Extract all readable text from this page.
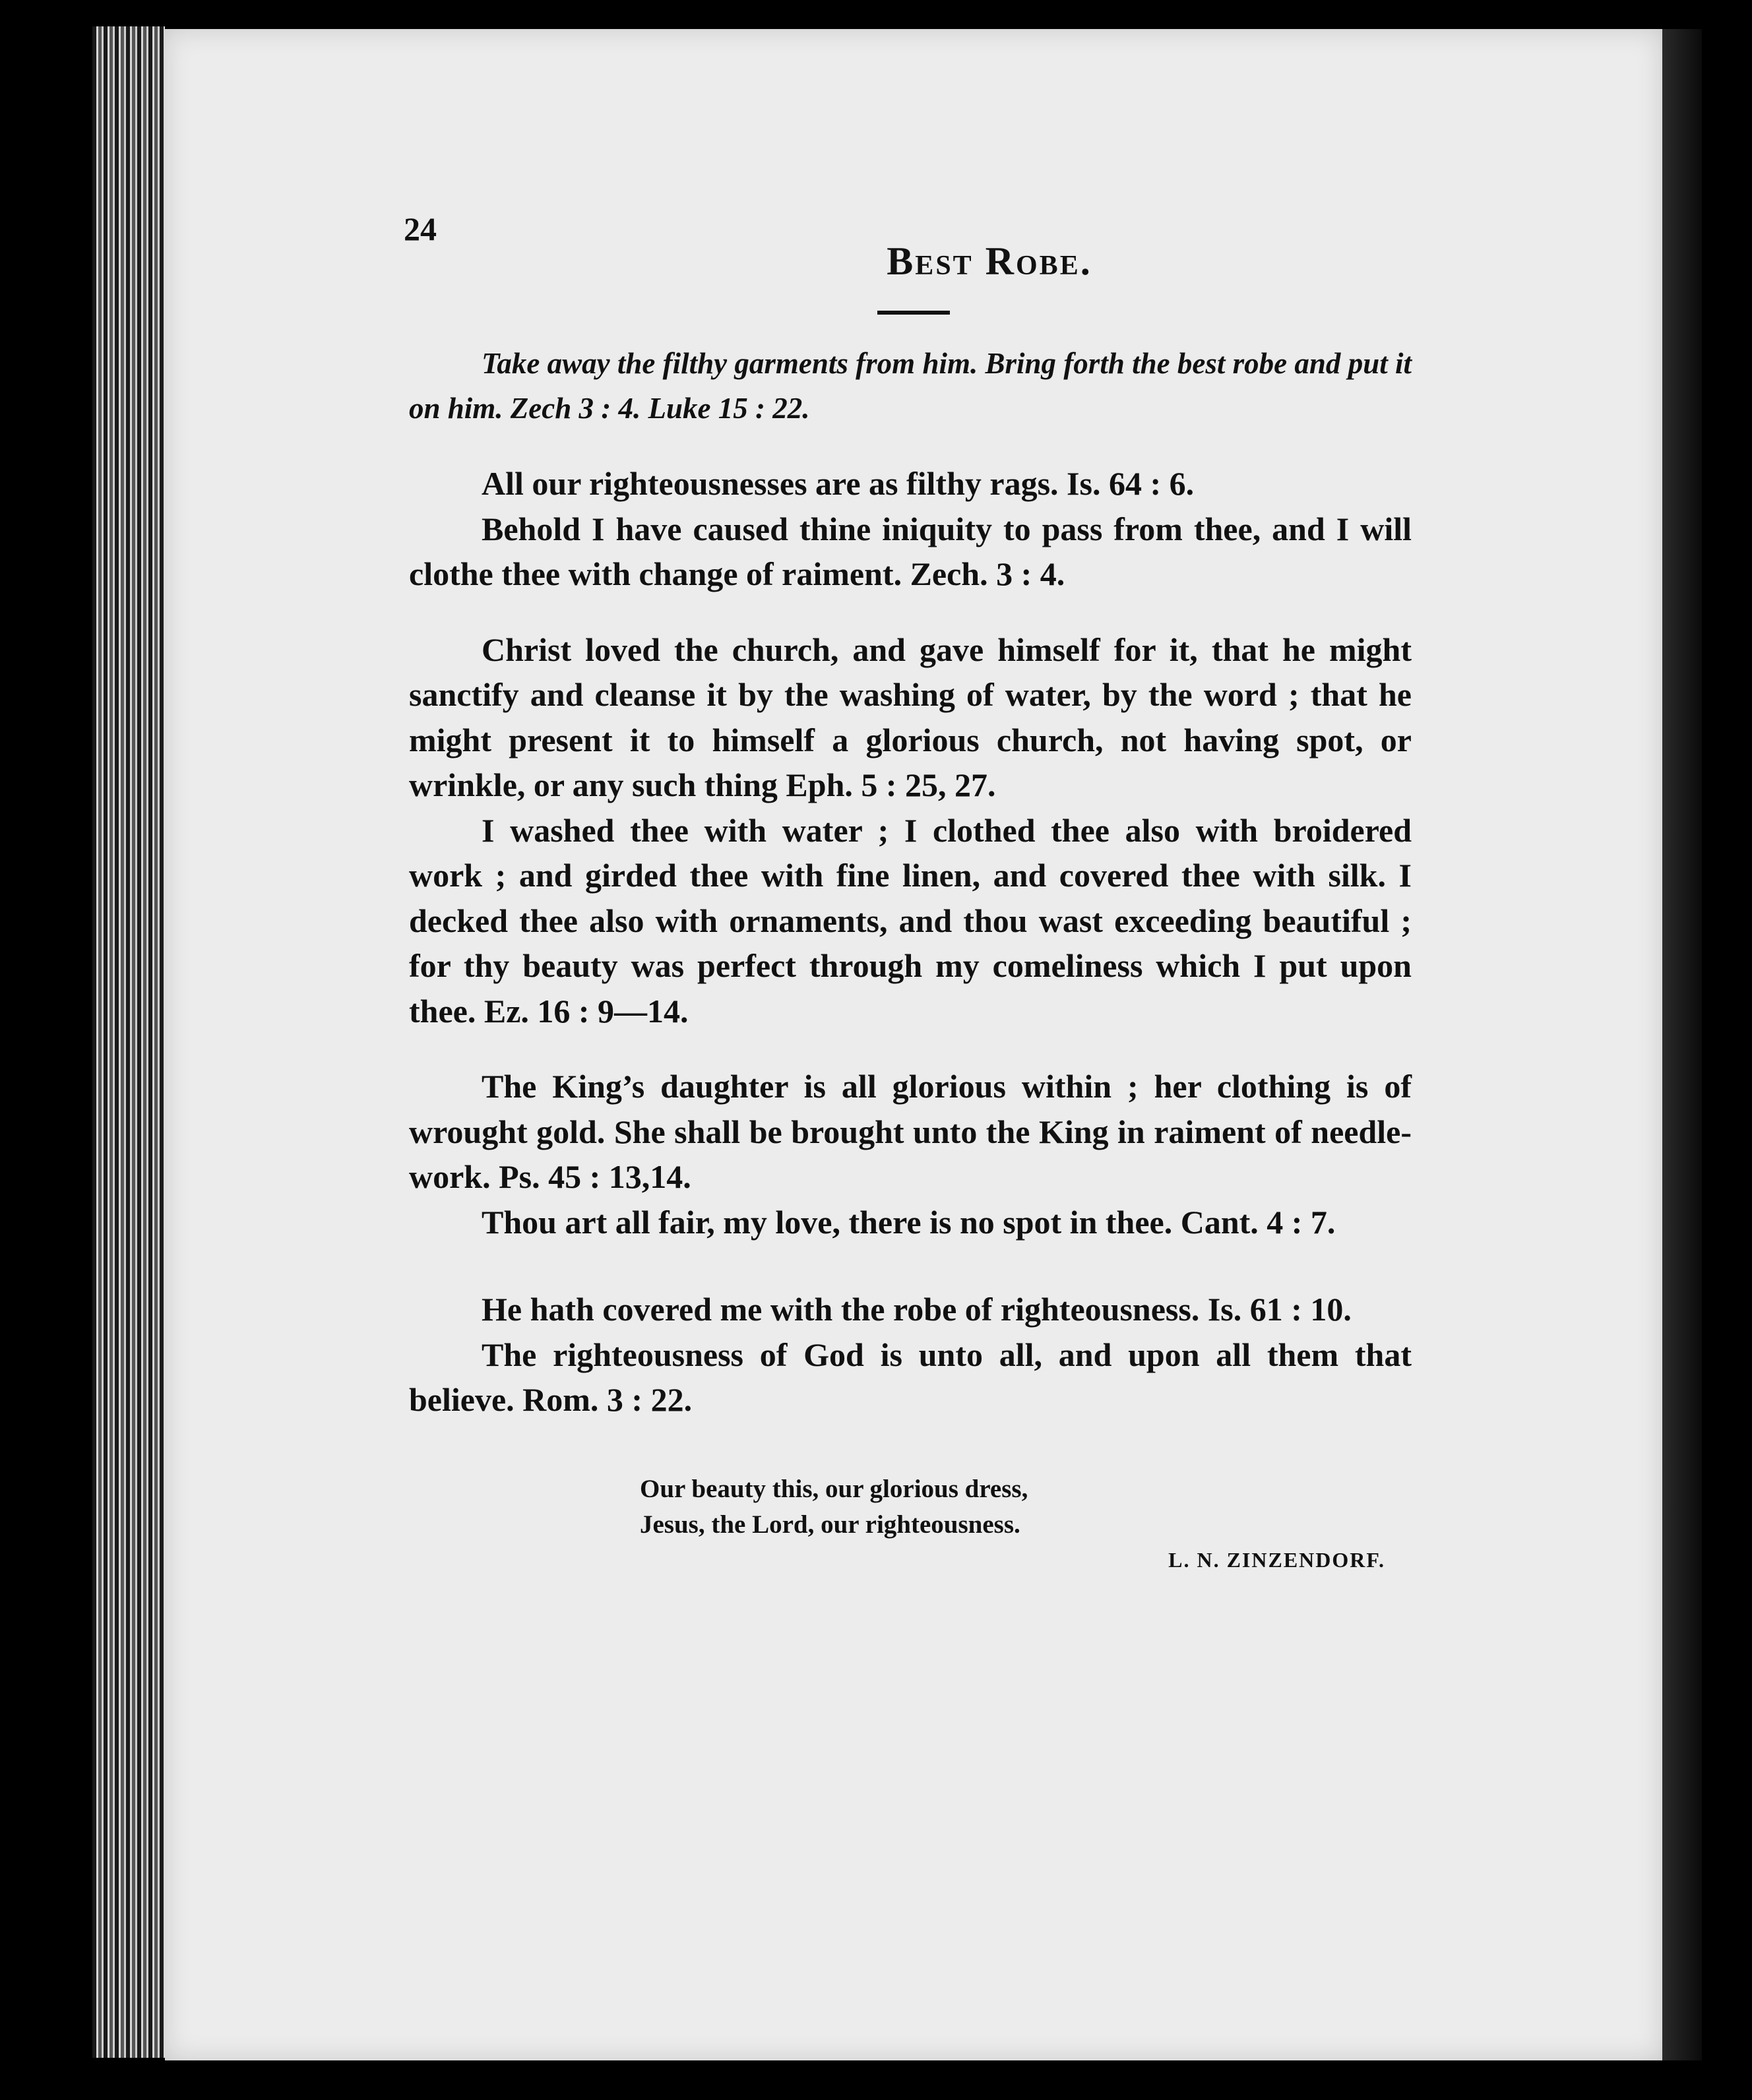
24
Best Robe.

Take away the filthy garments from him. Bring forth the best robe and put it on him. Zech 3 : 4. Luke 15 : 22.

All our righteousnesses are as filthy rags. Is. 64 : 6.

Behold I have caused thine iniquity to pass from thee, and I will clothe thee with change of raiment. Zech. 3 : 4.

Christ loved the church, and gave himself for it, that he might sanctify and cleanse it by the washing of water, by the word ; that he might present it to himself a glorious church, not having spot, or wrinkle, or any such thing Eph. 5 : 25, 27.

I washed thee with water ; I clothed thee also with broidered work ; and girded thee with fine linen, and covered thee with silk. I decked thee also with ornaments, and thou wast exceeding beautiful ; for thy beauty was perfect through my comeliness which I put upon thee. Ez. 16 : 9—14.

The King’s daughter is all glorious within ; her clothing is of wrought gold. She shall be brought unto the King in raiment of needle-work. Ps. 45 : 13,14.

Thou art all fair, my love, there is no spot in thee. Cant. 4 : 7.

He hath covered me with the robe of righteousness. Is. 61 : 10.

The righteousness of God is unto all, and upon all them that believe. Rom. 3 : 22.

Our beauty this, our glorious dress,
Jesus, the Lord, our righteousness.
L. N. ZINZENDORF.
